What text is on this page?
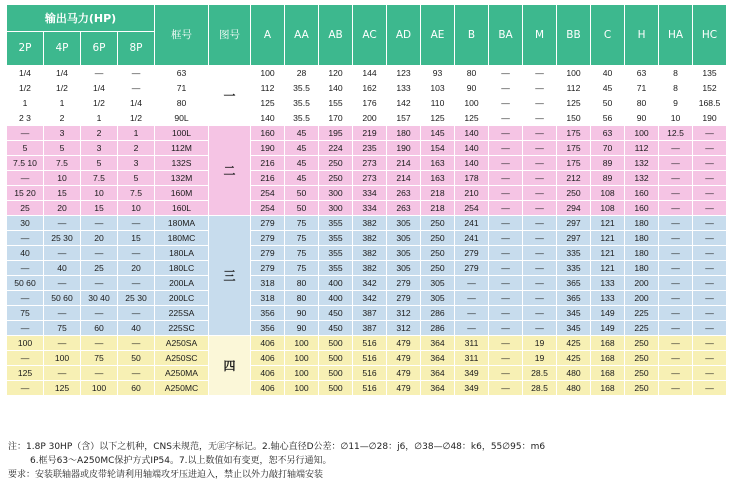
输出马力(HP)				框号	图号	A	AA	AB	AC	AD	AE	B	BA	M	BB	C	H	HA	HC
2P	4P	6P	8P																
1/4	1/4	—	—	63	一	100	28	120	144	123	93	80	—	—	100	40	63	8	135
1/2	1/2	1/4	—	71		112	35.5	140	162	133	103	90	—	—	112	45	71	8	152
1	1	1/2	1/4	80		125	35.5	155	176	142	110	100	—	—	125	50	80	9	168.5
2 3	2	1	1/2	90L		140	35.5	170	200	157	125	125	—	—	150	56	90	10	190
—	3	2	1	100L	二	160	45	195	219	180	145	140	—	—	175	63	100	12.5	—
5	5	3	2	112M		190	45	224	235	190	154	140	—	—	175	70	112	—	—
7.5 10	7.5	5	3	132S		216	45	250	273	214	163	140	—	—	175	89	132	—	—
—	10	7.5	5	132M		216	45	250	273	214	163	178	—	—	212	89	132	—	—
15 20	15	10	7.5	160M		254	50	300	334	263	218	210	—	—	250	108	160	—	—
25	20	15	10	160L		254	50	300	334	263	218	254	—	—	294	108	160	—	—
30	—	—	—	180MA	三	279	75	355	382	305	250	241	—	—	297	121	180	—	—
—	25 30	20	15	180MC		279	75	355	382	305	250	241	—	—	297	121	180	—	—
40	—	—	—	180LA		279	75	355	382	305	250	279	—	—	335	121	180	—	—
—	40	25	20	180LC		279	75	355	382	305	250	279	—	—	335	121	180	—	—
50 60	—	—	—	200LA		318	80	400	342	279	305	—	—	—	365	133	200	—	—
—	50 60	30 40	25 30	200LC		318	80	400	342	279	305	—	—	—	365	133	200	—	—
75	—	—	—	225SA		356	90	450	387	312	286	—	—	—	345	149	225	—	—
—	75	60	40	225SC		356	90	450	387	312	286	—	—	—	345	149	225	—	—
100	—	—	—	A250SA	四	406	100	500	516	479	364	311	—	19	425	168	250	—	—
—	100	75	50	A250SC		406	100	500	516	479	364	311	—	19	425	168	250	—	—
125	—	—	—	A250MA		406	100	500	516	479	364	349	—	28.5	480	168	250	—	—
—	125	100	60	A250MC		406	100	500	516	479	364	349	—	28.5	480	168	250	—	—
注：1.8P 30HP（含）以下之机种，CNS未规范，无㊣字标记。2.轴心直径D公差：∅11—∅28：j6，∅38—∅48：k6，55∅95：m6
6.框号63～A250MC保护方式IP54。7.以上数值如有变更，恕不另行通知。
要求：安装联轴器或皮带轮请利用轴端攻牙压进迫入，禁止以外力敲打轴端安装
